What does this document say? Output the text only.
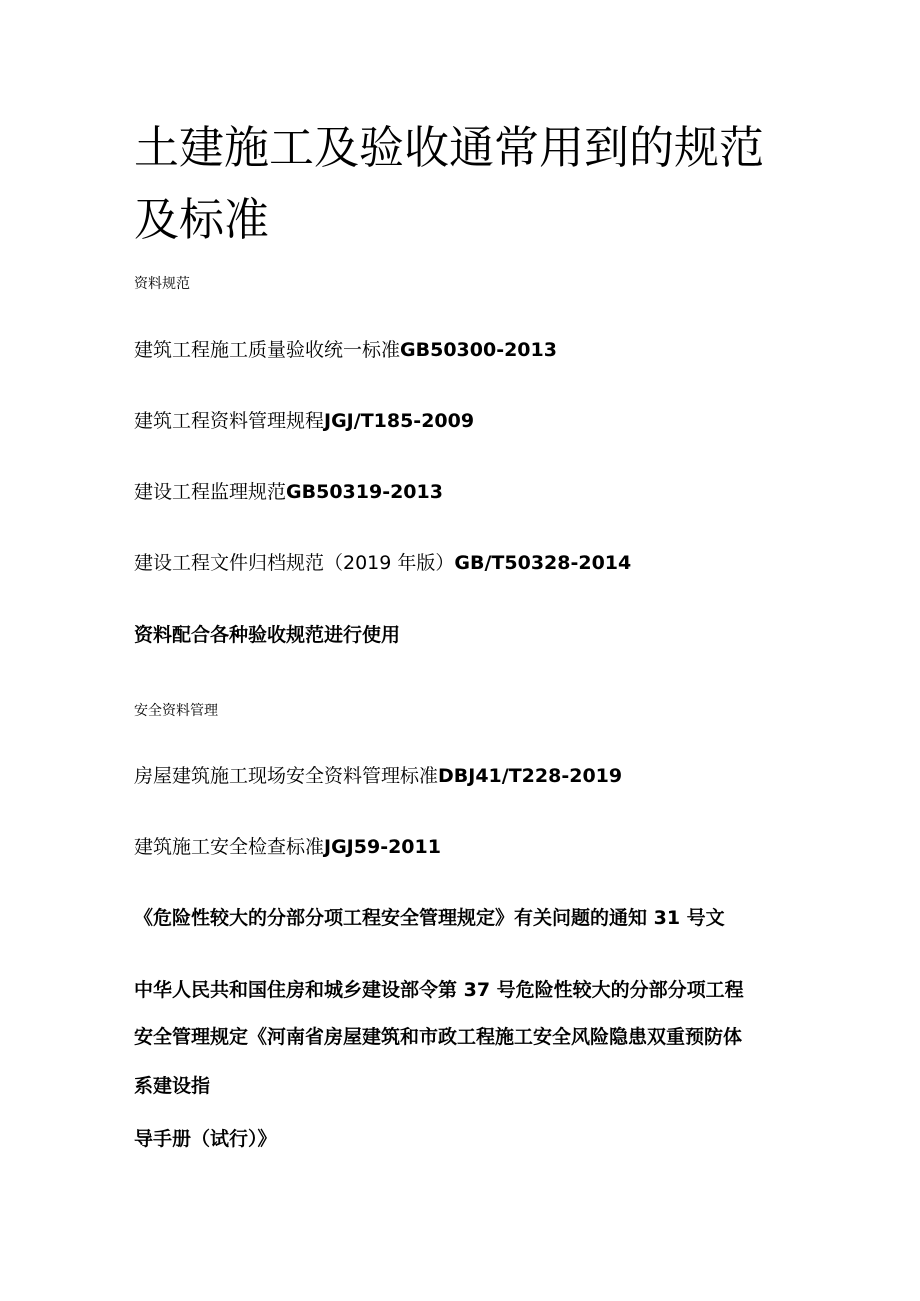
土建施工及验收通常用到的规范及标准
资料规范
建筑工程施工质量验收统一标准GB50300-2013
建筑工程资料管理规程JGJ/T185-2009
建设工程监理规范GB50319-2013
建设工程文件归档规范（2019 年版）GB/T50328-2014
资料配合各种验收规范进行使用
安全资料管理
房屋建筑施工现场安全资料管理标准DBJ41/T228-2019
建筑施工安全检查标准JGJ59-2011
《危险性较大的分部分项工程安全管理规定》有关问题的通知 31 号文
中华人民共和国住房和城乡建设部令第 37 号危险性较大的分部分项工程
安全管理规定《河南省房屋建筑和市政工程施工安全风险隐患双重预防体
系建设指
导手册（试行）》
